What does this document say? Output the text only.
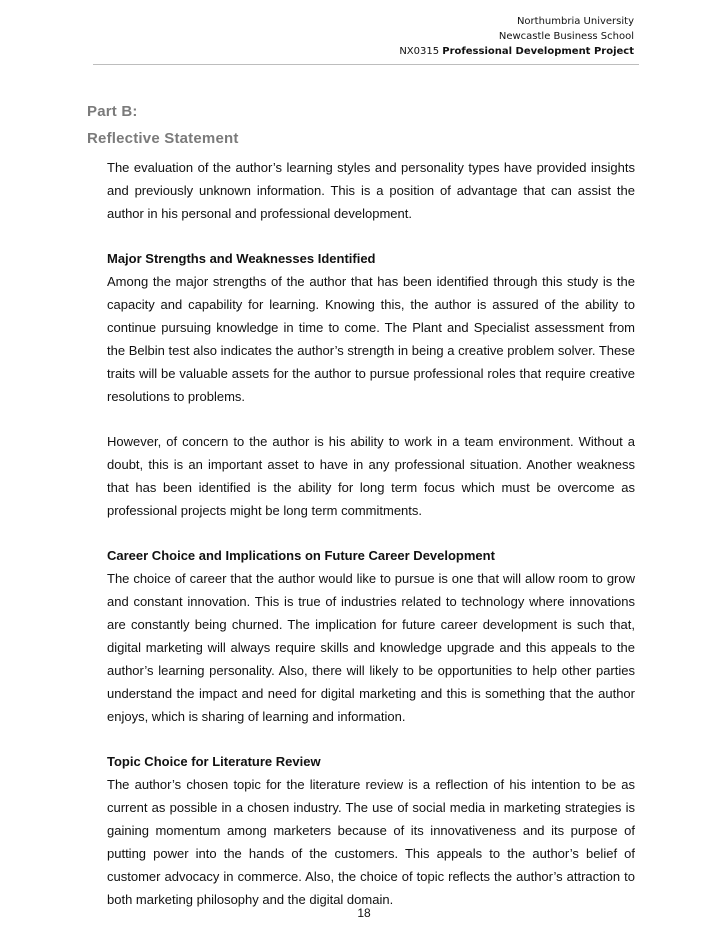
Northumbria University
Newcastle Business School
NX0315 Professional Development Project
Part B:
Reflective Statement

The evaluation of the author’s learning styles and personality types have provided insights and previously unknown information. This is a position of advantage that can assist the author in his personal and professional development.

Major Strengths and Weaknesses Identified

Among the major strengths of the author that has been identified through this study is the capacity and capability for learning. Knowing this, the author is assured of the ability to continue pursuing knowledge in time to come. The Plant and Specialist assessment from the Belbin test also indicates the author’s strength in being a creative problem solver. These traits will be valuable assets for the author to pursue professional roles that require creative resolutions to problems.

However, of concern to the author is his ability to work in a team environment. Without a doubt, this is an important asset to have in any professional situation. Another weakness that has been identified is the ability for long term focus which must be overcome as professional projects might be long term commitments.

Career Choice and Implications on Future Career Development

The choice of career that the author would like to pursue is one that will allow room to grow and constant innovation. This is true of industries related to technology where innovations are constantly being churned. The implication for future career development is such that, digital marketing will always require skills and knowledge upgrade and this appeals to the author’s learning personality. Also, there will likely to be opportunities to help other parties understand the impact and need for digital marketing and this is something that the author enjoys, which is sharing of learning and information.

Topic Choice for Literature Review

The author’s chosen topic for the literature review is a reflection of his intention to be as current as possible in a chosen industry. The use of social media in marketing strategies is gaining momentum among marketers because of its innovativeness and its purpose of putting power into the hands of the customers. This appeals to the author’s belief of customer advocacy in commerce. Also, the choice of topic reflects the author’s attraction to both marketing philosophy and the digital domain.

18
